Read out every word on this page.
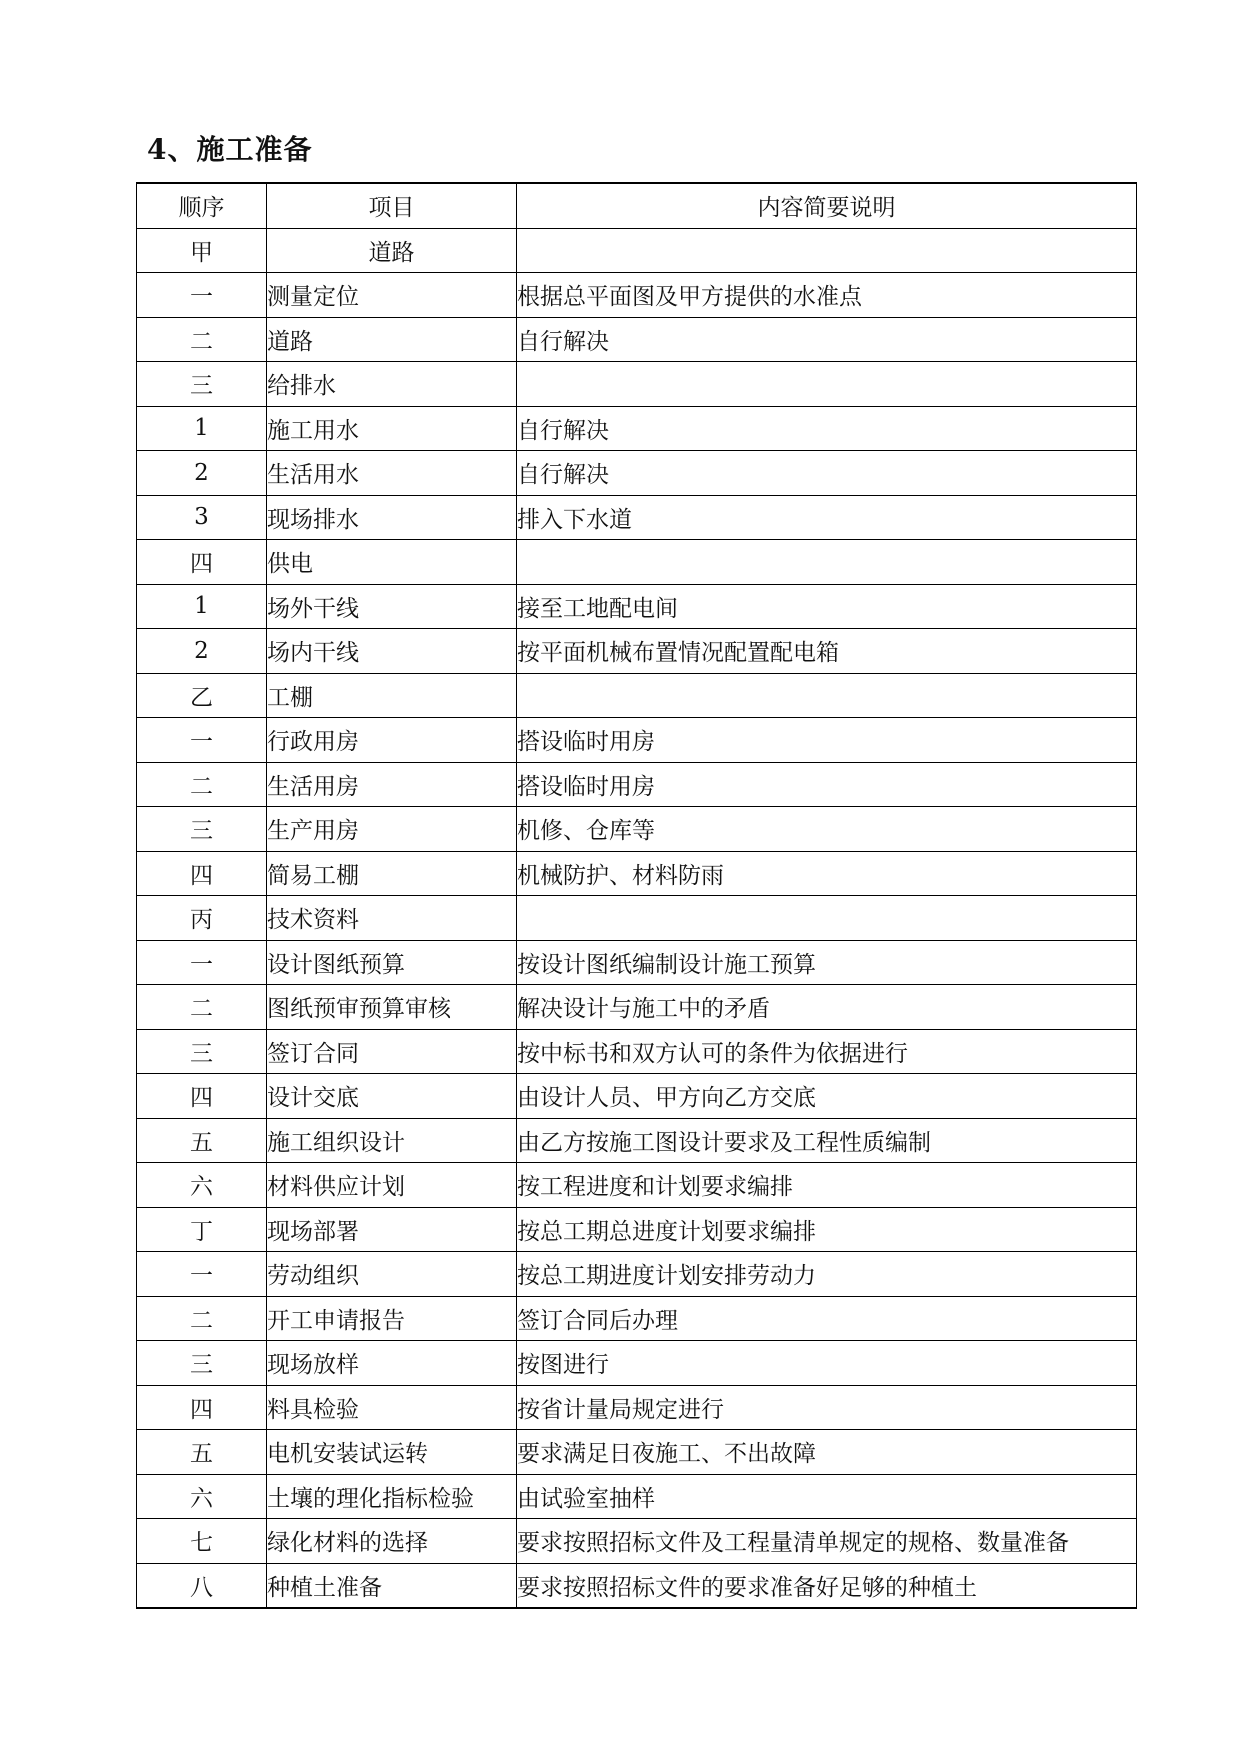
4、施工准备
顺序	项目	内容简要说明
甲	道路	
一	测量定位	根据总平面图及甲方提供的水准点
二	道路	自行解决
三	给排水	
1	施工用水	自行解决
2	生活用水	自行解决
3	现场排水	排入下水道
四	供电	
1	场外干线	接至工地配电间
2	场内干线	按平面机械布置情况配置配电箱
乙	工棚	
一	行政用房	搭设临时用房
二	生活用房	搭设临时用房
三	生产用房	机修、仓库等
四	简易工棚	机械防护、材料防雨
丙	技术资料	
一	设计图纸预算	按设计图纸编制设计施工预算
二	图纸预审预算审核	解决设计与施工中的矛盾
三	签订合同	按中标书和双方认可的条件为依据进行
四	设计交底	由设计人员、甲方向乙方交底
五	施工组织设计	由乙方按施工图设计要求及工程性质编制
六	材料供应计划	按工程进度和计划要求编排
丁	现场部署	按总工期总进度计划要求编排
一	劳动组织	按总工期进度计划安排劳动力
二	开工申请报告	签订合同后办理
三	现场放样	按图进行
四	料具检验	按省计量局规定进行
五	电机安装试运转	要求满足日夜施工、不出故障
六	土壤的理化指标检验	由试验室抽样
七	绿化材料的选择	要求按照招标文件及工程量清单规定的规格、数量准备
八	种植土准备	要求按照招标文件的要求准备好足够的种植土
